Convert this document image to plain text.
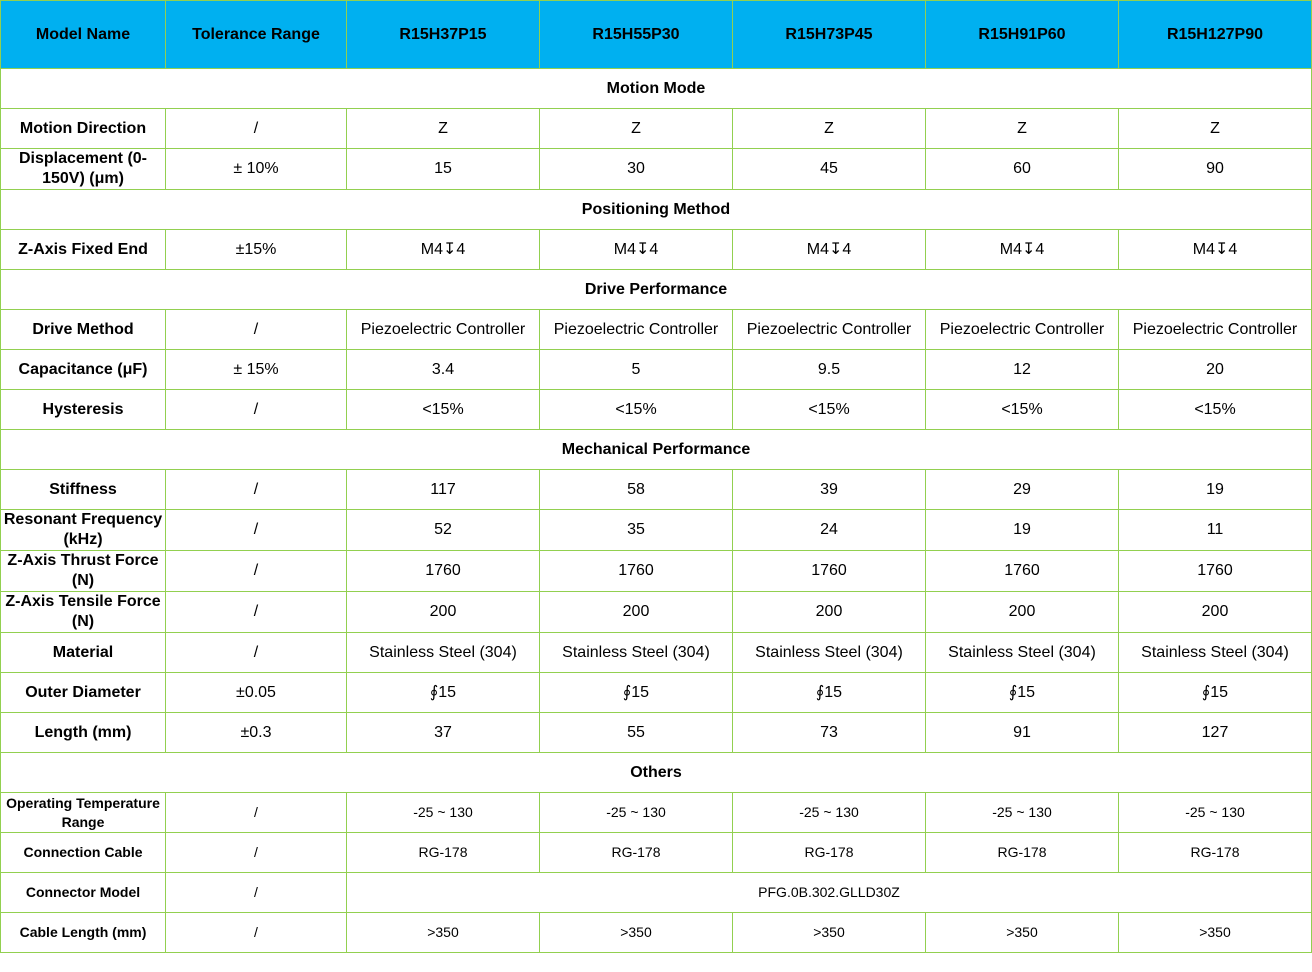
Model Name	Tolerance Range	R15H37P15	R15H55P30	R15H73P45	R15H91P60	R15H127P90
Motion Mode						
Motion Direction	/	Z	Z	Z	Z	Z
Displacement (0-150V) (μm)	± 10%	15	30	45	60	90
Positioning Method						
Z-Axis Fixed End	±15%	M4↧4	M4↧4	M4↧4	M4↧4	M4↧4
Drive Performance						
Drive Method	/	Piezoelectric Controller	Piezoelectric Controller	Piezoelectric Controller	Piezoelectric Controller	Piezoelectric Controller
Capacitance (μF)	± 15%	3.4	5	9.5	12	20
Hysteresis	/	<15%	<15%	<15%	<15%	<15%
Mechanical Performance						
Stiffness	/	117	58	39	29	19
Resonant Frequency (kHz)	/	52	35	24	19	11
Z-Axis Thrust Force (N)	/	1760	1760	1760	1760	1760
Z-Axis Tensile Force (N)	/	200	200	200	200	200
Material	/	Stainless Steel (304)	Stainless Steel (304)	Stainless Steel (304)	Stainless Steel (304)	Stainless Steel (304)
Outer Diameter	±0.05	∮15	∮15	∮15	∮15	∮15
Length (mm)	±0.3	37	55	73	91	127
Others						
Operating Temperature Range	/	-25 ~ 130	-25 ~ 130	-25 ~ 130	-25 ~ 130	-25 ~ 130
Connection Cable	/	RG-178	RG-178	RG-178	RG-178	RG-178
Connector Model	/	PFG.0B.302.GLLD30Z				
Cable Length (mm)	/	>350	>350	>350	>350	>350
